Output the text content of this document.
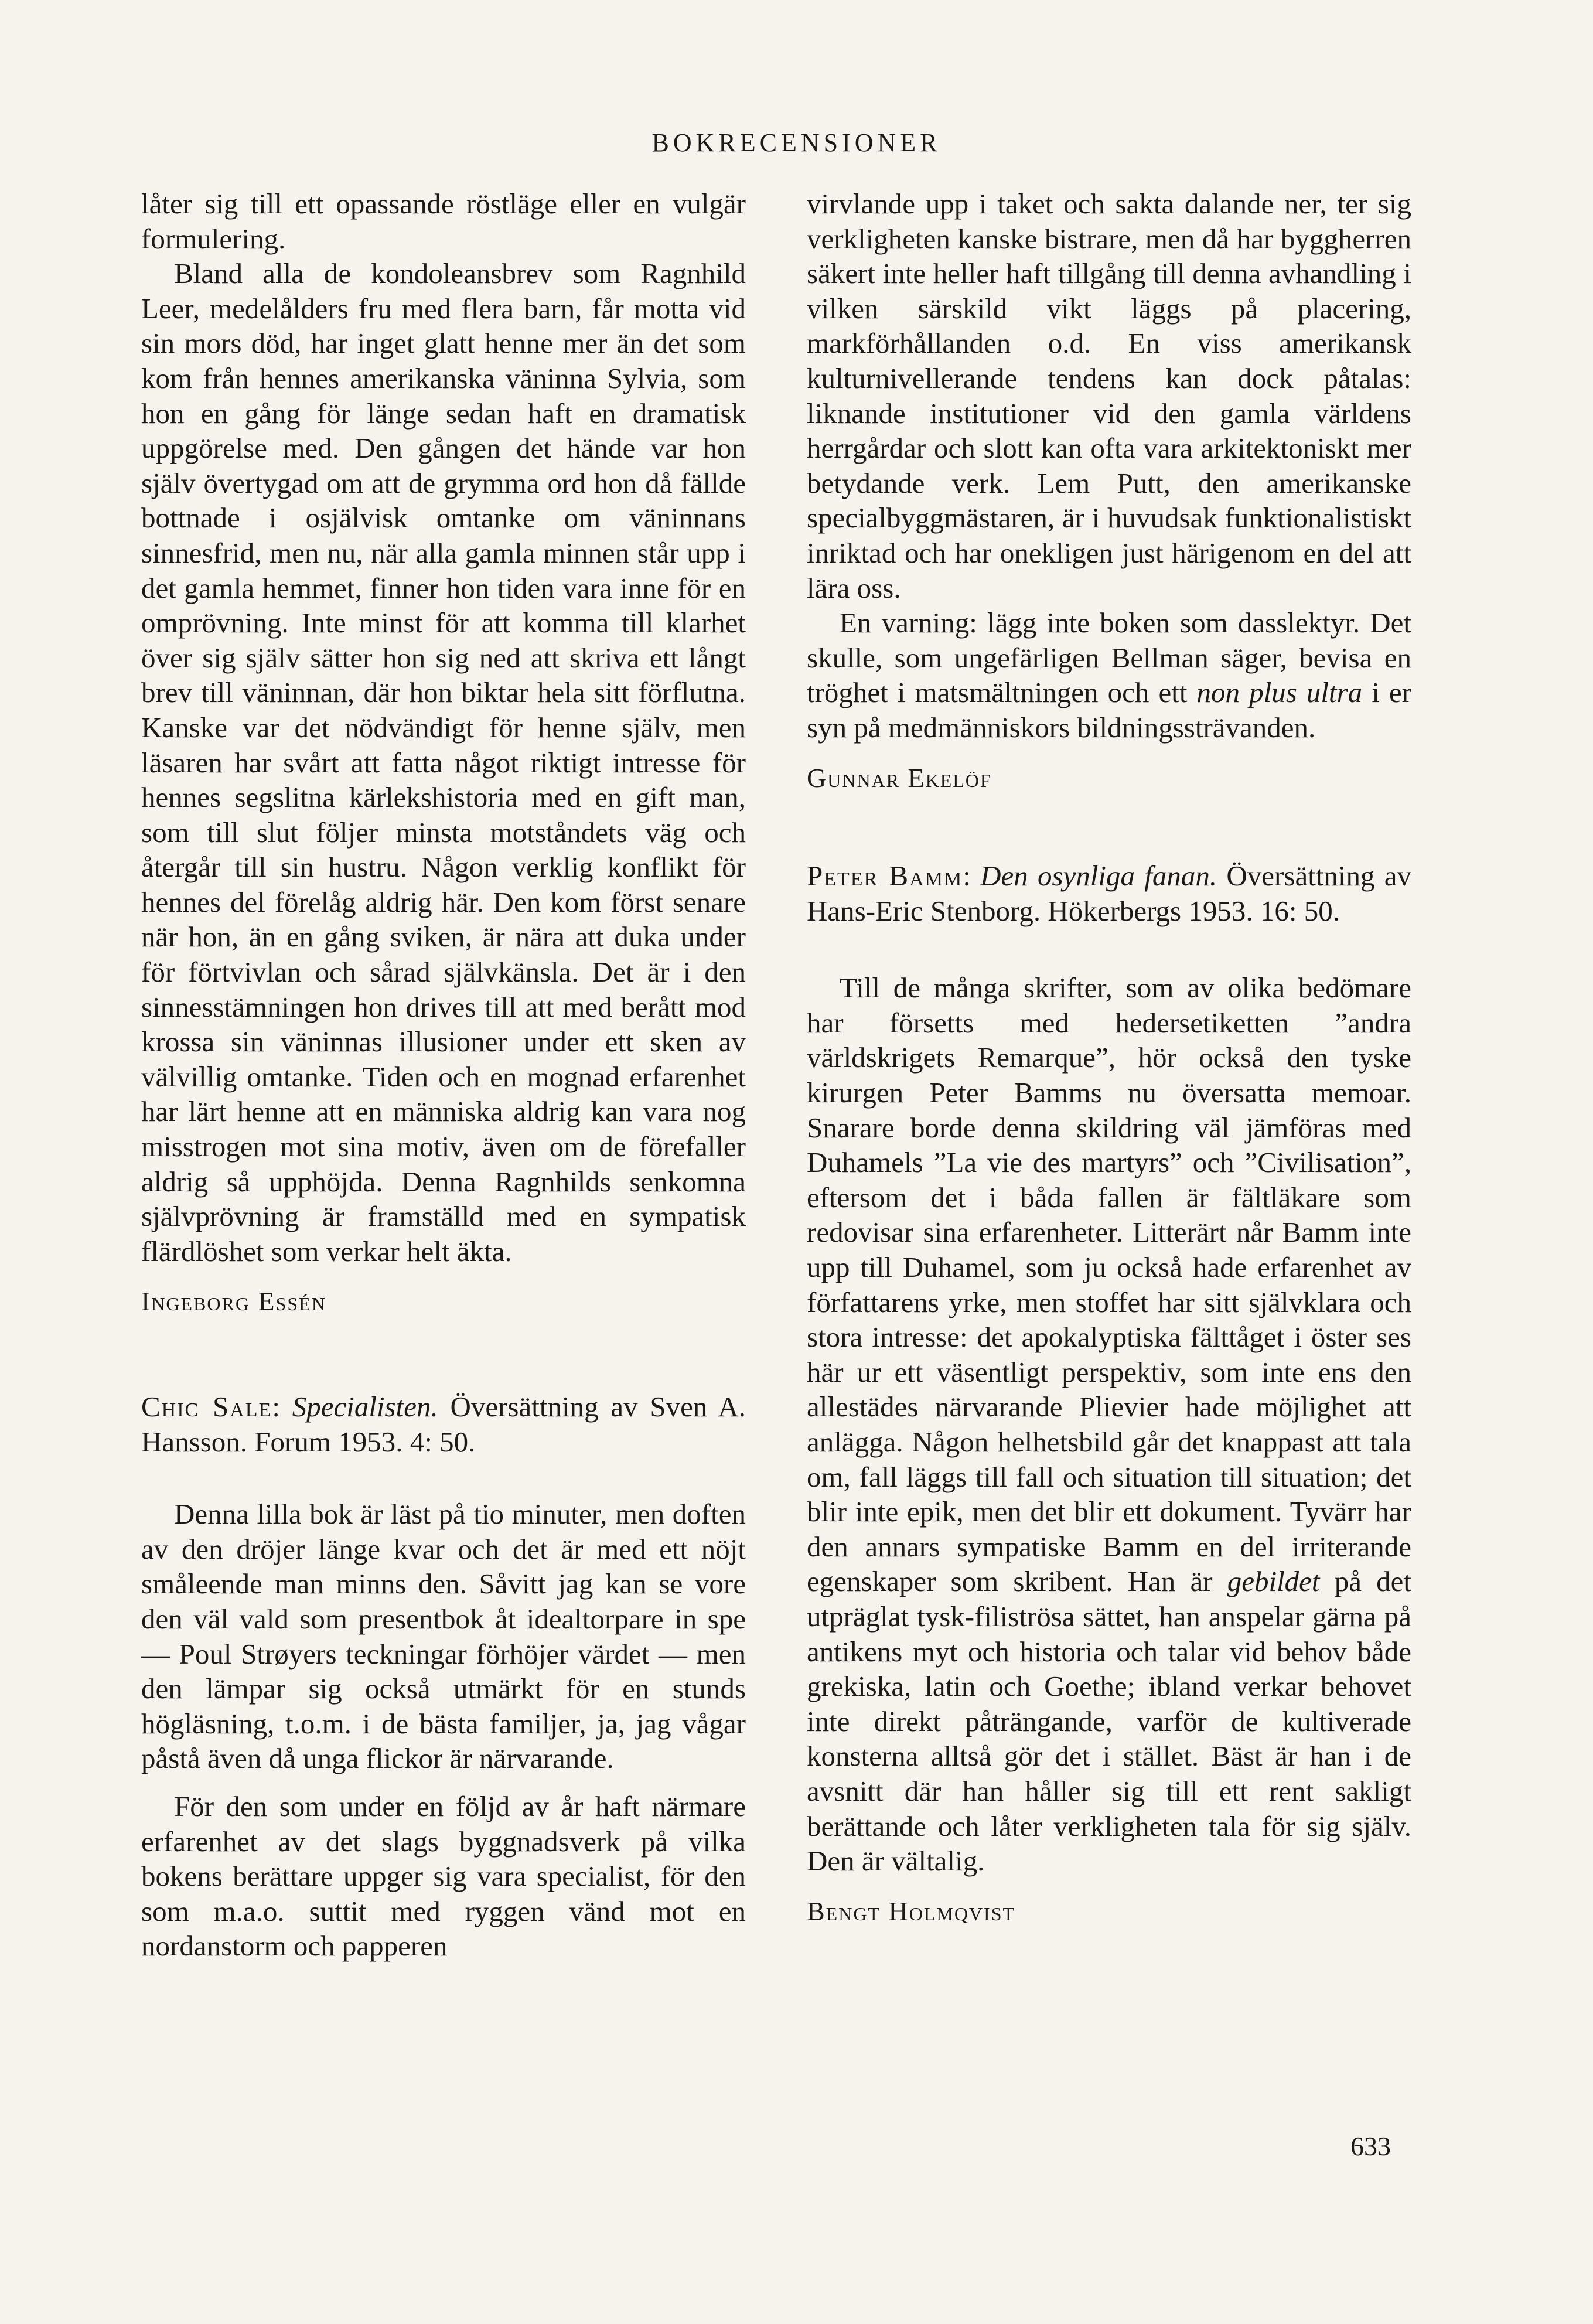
BOKRECENSIONER

låter sig till ett opassande röstläge eller en vulgär formulering.

Bland alla de kondoleansbrev som Ragnhild Leer, medelålders fru med flera barn, får motta vid sin mors död, har inget glatt henne mer än det som kom från hennes amerikanska väninna Sylvia, som hon en gång för länge sedan haft en dramatisk uppgörelse med. Den gången det hände var hon själv övertygad om att de grymma ord hon då fällde bottnade i osjälvisk omtanke om väninnans sinnesfrid, men nu, när alla gamla minnen står upp i det gamla hemmet, finner hon tiden vara inne för en omprövning. Inte minst för att komma till klarhet över sig själv sätter hon sig ned att skriva ett långt brev till väninnan, där hon biktar hela sitt förflutna. Kanske var det nödvändigt för henne själv, men läsaren har svårt att fatta något riktigt intresse för hennes segslitna kärlekshistoria med en gift man, som till slut följer minsta motståndets väg och återgår till sin hustru. Någon verklig konflikt för hennes del förelåg aldrig här. Den kom först senare när hon, än en gång sviken, är nära att duka under för förtvivlan och sårad självkänsla. Det är i den sinnesstämningen hon drives till att med berått mod krossa sin väninnas illusioner under ett sken av välvillig omtanke. Tiden och en mognad erfarenhet har lärt henne att en människa aldrig kan vara nog misstrogen mot sina motiv, även om de förefaller aldrig så upphöjda. Denna Ragnhilds senkomna självprövning är framställd med en sympatisk flärdlöshet som verkar helt äkta.

Ingeborg Essén

Chic Sale: Specialisten. Översättning av Sven A. Hansson. Forum 1953. 4: 50.

Denna lilla bok är läst på tio minuter, men doften av den dröjer länge kvar och det är med ett nöjt småleende man minns den. Såvitt jag kan se vore den väl vald som presentbok åt idealtorpare in spe — Poul Strøyers teckningar förhöjer värdet — men den lämpar sig också utmärkt för en stunds högläsning, t.o.m. i de bästa familjer, ja, jag vågar påstå även då unga flickor är närvarande.

För den som under en följd av år haft närmare erfarenhet av det slags byggnadsverk på vilka bokens berättare uppger sig vara specialist, för den som m.a.o. suttit med ryggen vänd mot en nordanstorm och papperen

virvlande upp i taket och sakta dalande ner, ter sig verkligheten kanske bistrare, men då har byggherren säkert inte heller haft tillgång till denna avhandling i vilken särskild vikt läggs på placering, markförhållanden o.d. En viss amerikansk kulturnivellerande tendens kan dock påtalas: liknande institutioner vid den gamla världens herrgårdar och slott kan ofta vara arkitektoniskt mer betydande verk. Lem Putt, den amerikanske specialbyggmästaren, är i huvudsak funktionalistiskt inriktad och har onekligen just härigenom en del att lära oss.

En varning: lägg inte boken som dasslektyr. Det skulle, som ungefärligen Bellman säger, bevisa en tröghet i matsmältningen och ett non plus ultra i er syn på medmänniskors bildningssträvanden.

Gunnar Ekelöf

Peter Bamm: Den osynliga fanan. Översättning av Hans-Eric Stenborg. Hökerbergs 1953. 16: 50.

Till de många skrifter, som av olika bedömare har försetts med hedersetiketten ”andra världskrigets Remarque”, hör också den tyske kirurgen Peter Bamms nu översatta memoar. Snarare borde denna skildring väl jämföras med Duhamels ”La vie des martyrs” och ”Civilisation”, eftersom det i båda fallen är fältläkare som redovisar sina erfarenheter. Litterärt når Bamm inte upp till Duhamel, som ju också hade erfarenhet av författarens yrke, men stoffet har sitt självklara och stora intresse: det apokalyptiska fälttåget i öster ses här ur ett väsentligt perspektiv, som inte ens den allestädes närvarande Plievier hade möjlighet att anlägga. Någon helhetsbild går det knappast att tala om, fall läggs till fall och situation till situation; det blir inte epik, men det blir ett dokument. Tyvärr har den annars sympatiske Bamm en del irriterande egenskaper som skribent. Han är gebildet på det utpräglat tysk-filiströsa sättet, han anspelar gärna på antikens myt och historia och talar vid behov både grekiska, latin och Goethe; ibland verkar behovet inte direkt påträngande, varför de kultiverade konsterna alltså gör det i stället. Bäst är han i de avsnitt där han håller sig till ett rent sakligt berättande och låter verkligheten tala för sig själv. Den är vältalig.

Bengt Holmqvist

633
